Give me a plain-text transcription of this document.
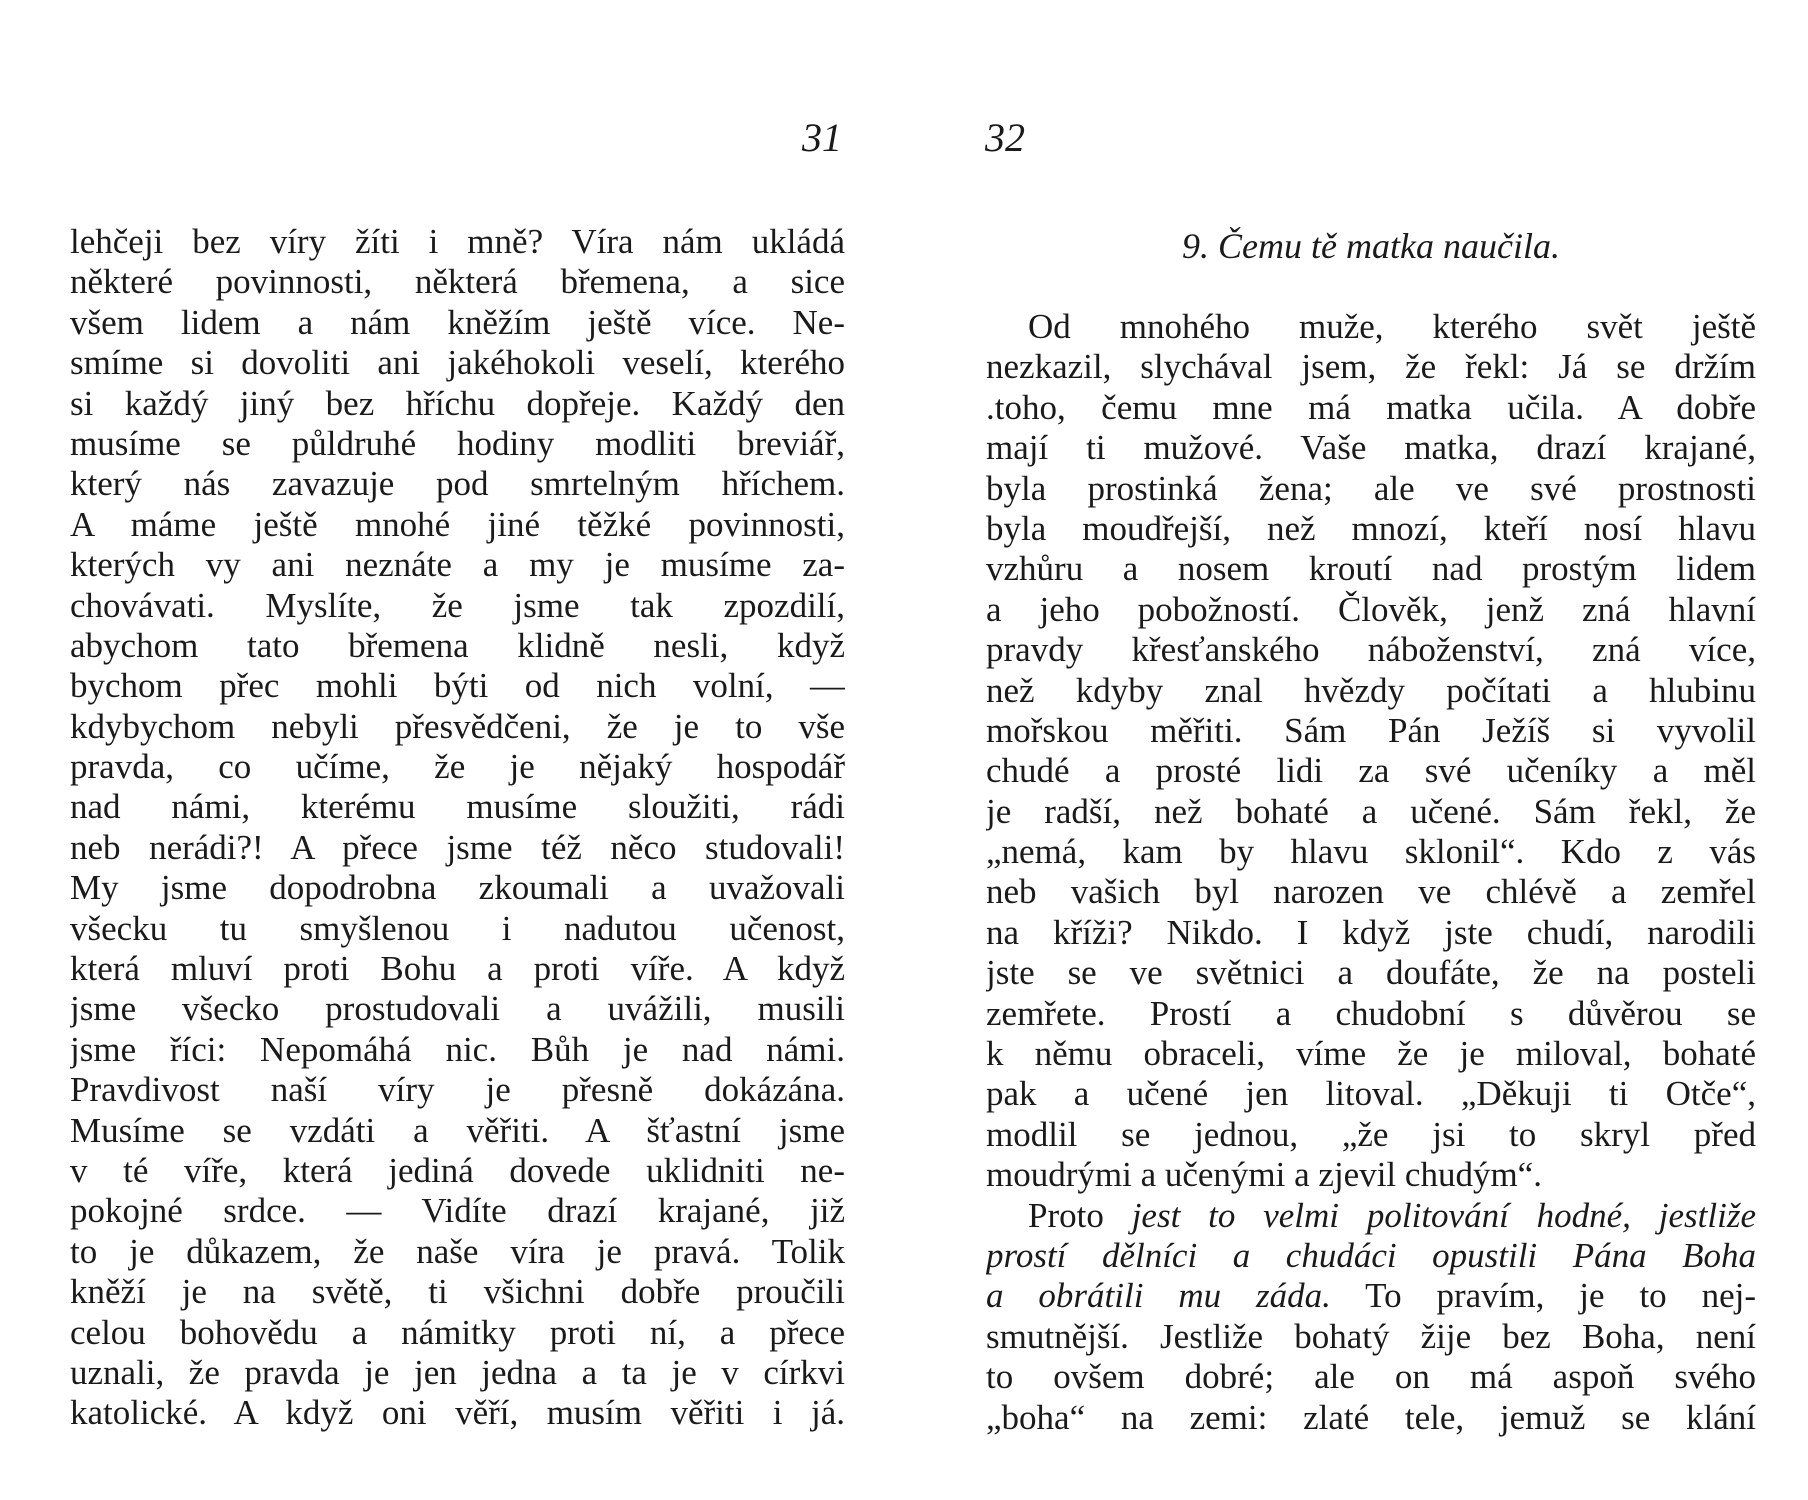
31	32
lehčeji bez víry žíti i mně? Víra nám ukládá
některé povinnosti, některá břemena, a sice
všem lidem a nám kněžím ještě více. Ne-
smíme si dovoliti ani jakéhokoli veselí, kterého
si každý jiný bez hříchu dopřeje. Každý den
musíme se půldruhé hodiny modliti breviář,
který nás zavazuje pod smrtelným hříchem.
A máme ještě mnohé jiné těžké povinnosti,
kterých vy ani neznáte a my je musíme za-
chovávati. Myslíte, že jsme tak zpozdilí,
abychom tato břemena klidně nesli, když
bychom přec mohli býti od nich volní, —
kdybychom nebyli přesvědčeni, že je to vše
pravda, co učíme, že je nějaký hospodář
nad námi, kterému musíme sloužiti, rádi
neb nerádi?! A přece jsme též něco studovali!
My jsme dopodrobna zkoumali a uvažovali
všecku tu smyšlenou i nadutou učenost,
která mluví proti Bohu a proti víře. A když
jsme všecko prostudovali a uvážili, musili
jsme říci: Nepomáhá nic. Bůh je nad námi.
Pravdivost naší víry je přesně dokázána.
Musíme se vzdáti a věřiti. A šťastní jsme
v té víře, která jediná dovede uklidniti ne-
pokojné srdce. — Vidíte drazí krajané, již
to je důkazem, že naše víra je pravá. Tolik
kněží je na světě, ti všichni dobře proučili
celou bohovědu a námitky proti ní, a přece
uznali, že pravda je jen jedna a ta je v církvi
katolické. A když oni věří, musím věřiti i já.
9. Čemu tě matka naučila.
Od mnohého muže, kterého svět ještě
nezkazil, slychával jsem, že řekl: Já se držím
.toho, čemu mne má matka učila. A dobře
mají ti mužové. Vaše matka, drazí krajané,
byla prostinká žena; ale ve své prostnosti
byla moudřejší, než mnozí, kteří nosí hlavu
vzhůru a nosem kroutí nad prostým lidem
a jeho pobožností. Člověk, jenž zná hlavní
pravdy křesťanského náboženství, zná více,
než kdyby znal hvězdy počítati a hlubinu
mořskou měřiti. Sám Pán Ježíš si vyvolil
chudé a prosté lidi za své učeníky a měl
je radší, než bohaté a učené. Sám řekl, že
„nemá, kam by hlavu sklonil“. Kdo z vás
neb vašich byl narozen ve chlévě a zemřel
na kříži? Nikdo. I když jste chudí, narodili
jste se ve světnici a doufáte, že na posteli
zemřete. Prostí a chudobní s důvěrou se
k němu obraceli, víme že je miloval, bohaté
pak a učené jen litoval. „Děkuji ti Otče“,
modlil se jednou, „že jsi to skryl před
moudrými a učenými a zjevil chudým“.
Proto jest to velmi politování hodné, jestliže
prostí dělníci a chudáci opustili Pána Boha
a obrátili mu záda. To pravím, je to nej-
smutnější. Jestliže bohatý žije bez Boha, není
to ovšem dobré; ale on má aspoň svého
„boha“ na zemi: zlaté tele, jemuž se klání
